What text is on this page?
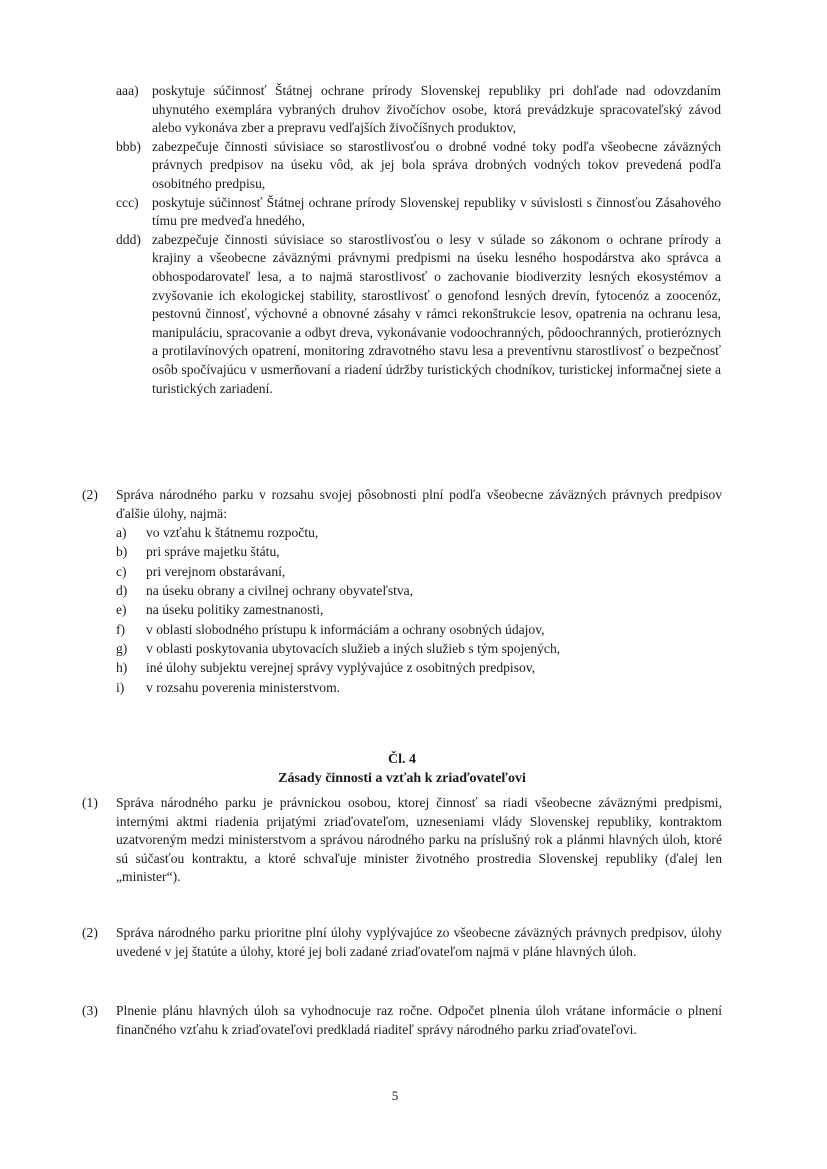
aaa) poskytuje súčinnosť Štátnej ochrane prírody Slovenskej republiky pri dohľade nad odovzdaním uhynutého exemplára vybraných druhov živočíchov osobe, ktorá prevádzkuje spracovateľský závod alebo vykonáva zber a prepravu vedľajších živočíšnych produktov,
bbb) zabezpečuje činnosti súvisiace so starostlivosťou o drobné vodné toky podľa všeobecne záväzných právnych predpisov na úseku vôd, ak jej bola správa drobných vodných tokov prevedená podľa osobitného predpisu,
ccc) poskytuje súčinnosť Štátnej ochrane prírody Slovenskej republiky v súvislosti s činnosťou Zásahového tímu pre medveďa hnedého,
ddd) zabezpečuje činnosti súvisiace so starostlivosťou o lesy v súlade so zákonom o ochrane prírody a krajiny a všeobecne záväznými právnymi predpismi na úseku lesného hospodárstva ako správca a obhospodarovateľ lesa, a to najmä starostlivosť o zachovanie biodiverzity lesných ekosystémov a zvyšovanie ich ekologickej stability, starostlivosť o genofond lesných drevín, fytocenóz a zoocenóz, pestovnú činnosť, výchovné a obnovné zásahy v rámci rekonštrukcie lesov, opatrenia na ochranu lesa, manipuláciu, spracovanie a odbyt dreva, vykonávanie vodoochranných, pôdoochranných, protieróznych a protilavínových opatrení, monitoring zdravotného stavu lesa a preventívnu starostlivosť o bezpečnosť osôb spočívajúcu v usmerňovaní a riadení údržby turistických chodníkov, turistickej informačnej siete a turistických zariadení.
(2) Správa národného parku v rozsahu svojej pôsobnosti plní podľa všeobecne záväzných právnych predpisov ďalšie úlohy, najmä:
a) vo vzťahu k štátnemu rozpočtu,
b) pri správe majetku štátu,
c) pri verejnom obstarávaní,
d) na úseku obrany a civilnej ochrany obyvateľstva,
e) na úseku politiky zamestnanosti,
f) v oblasti slobodného prístupu k informáciám a ochrany osobných údajov,
g) v oblasti poskytovania ubytovacích služieb a iných služieb s tým spojených,
h) iné úlohy subjektu verejnej správy vyplývajúce z osobitných predpisov,
i) v rozsahu poverenia ministerstvom.
Čl. 4
Zásady činnosti a vzťah k zriaďovateľovi
(1) Správa národného parku je právnickou osobou, ktorej činnosť sa riadi všeobecne záväznými predpismi, internými aktmi riadenia prijatými zriaďovateľom, uzneseniami vlády Slovenskej republiky, kontraktom uzatvoreným medzi ministerstvom a správou národného parku na príslušný rok a plánmi hlavných úloh, ktoré sú súčasťou kontraktu, a ktoré schvaľuje minister životného prostredia Slovenskej republiky (ďalej len „minister“).
(2) Správa národného parku prioritne plní úlohy vyplývajúce zo všeobecne záväzných právnych predpisov, úlohy uvedené v jej štatúte a úlohy, ktoré jej boli zadané zriaďovateľom najmä v pláne hlavných úloh.
(3) Plnenie plánu hlavných úloh sa vyhodnocuje raz ročne. Odpočet plnenia úloh vrátane informácie o plnení finančného vzťahu k zriaďovateľovi predkladá riaditeľ správy národného parku zriaďovateľovi.
5
